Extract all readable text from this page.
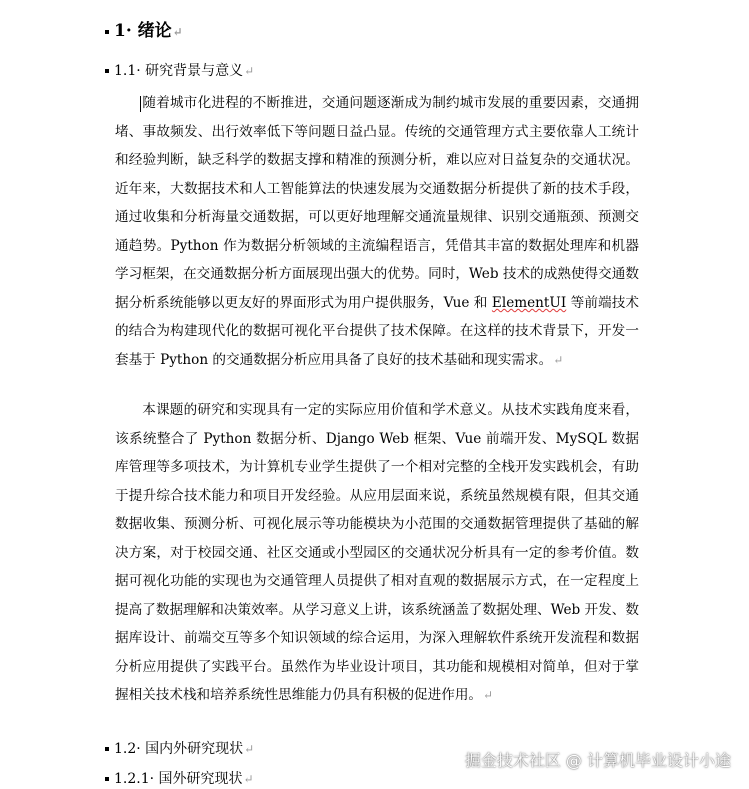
1· 绪论↵
1.1· 研究背景与意义↵

随着城市化进程的不断推进，交通问题逐渐成为制约城市发展的重要因素，交通拥堵、事故频发、出行效率低下等问题日益凸显。传统的交通管理方式主要依靠人工统计和经验判断，缺乏科学的数据支撑和精准的预测分析，难以应对日益复杂的交通状况。近年来，大数据技术和人工智能算法的快速发展为交通数据分析提供了新的技术手段，通过收集和分析海量交通数据，可以更好地理解交通流量规律、识别交通瓶颈、预测交通趋势。Python 作为数据分析领域的主流编程语言，凭借其丰富的数据处理库和机器学习框架，在交通数据分析方面展现出强大的优势。同时，Web 技术的成熟使得交通数据分析系统能够以更友好的界面形式为用户提供服务，Vue 和 ElementUI 等前端技术的结合为构建现代化的数据可视化平台提供了技术保障。在这样的技术背景下，开发一套基于 Python 的交通数据分析应用具备了良好的技术基础和现实需求。↵

本课题的研究和实现具有一定的实际应用价值和学术意义。从技术实践角度来看，该系统整合了 Python 数据分析、Django Web 框架、Vue 前端开发、MySQL 数据库管理等多项技术，为计算机专业学生提供了一个相对完整的全栈开发实践机会，有助于提升综合技术能力和项目开发经验。从应用层面来说，系统虽然规模有限，但其交通数据收集、预测分析、可视化展示等功能模块为小范围的交通数据管理提供了基础的解决方案，对于校园交通、社区交通或小型园区的交通状况分析具有一定的参考价值。数据可视化功能的实现也为交通管理人员提供了相对直观的数据展示方式，在一定程度上提高了数据理解和决策效率。从学习意义上讲，该系统涵盖了数据处理、Web 开发、数据库设计、前端交互等多个知识领域的综合运用，为深入理解软件系统开发流程和数据分析应用提供了实践平台。虽然作为毕业设计项目，其功能和规模相对简单，但对于掌握相关技术栈和培养系统性思维能力仍具有积极的促进作用。↵

1.2· 国内外研究现状↵
1.2.1· 国外研究现状↵
掘金技术社区 @ 计算机毕业设计小途
